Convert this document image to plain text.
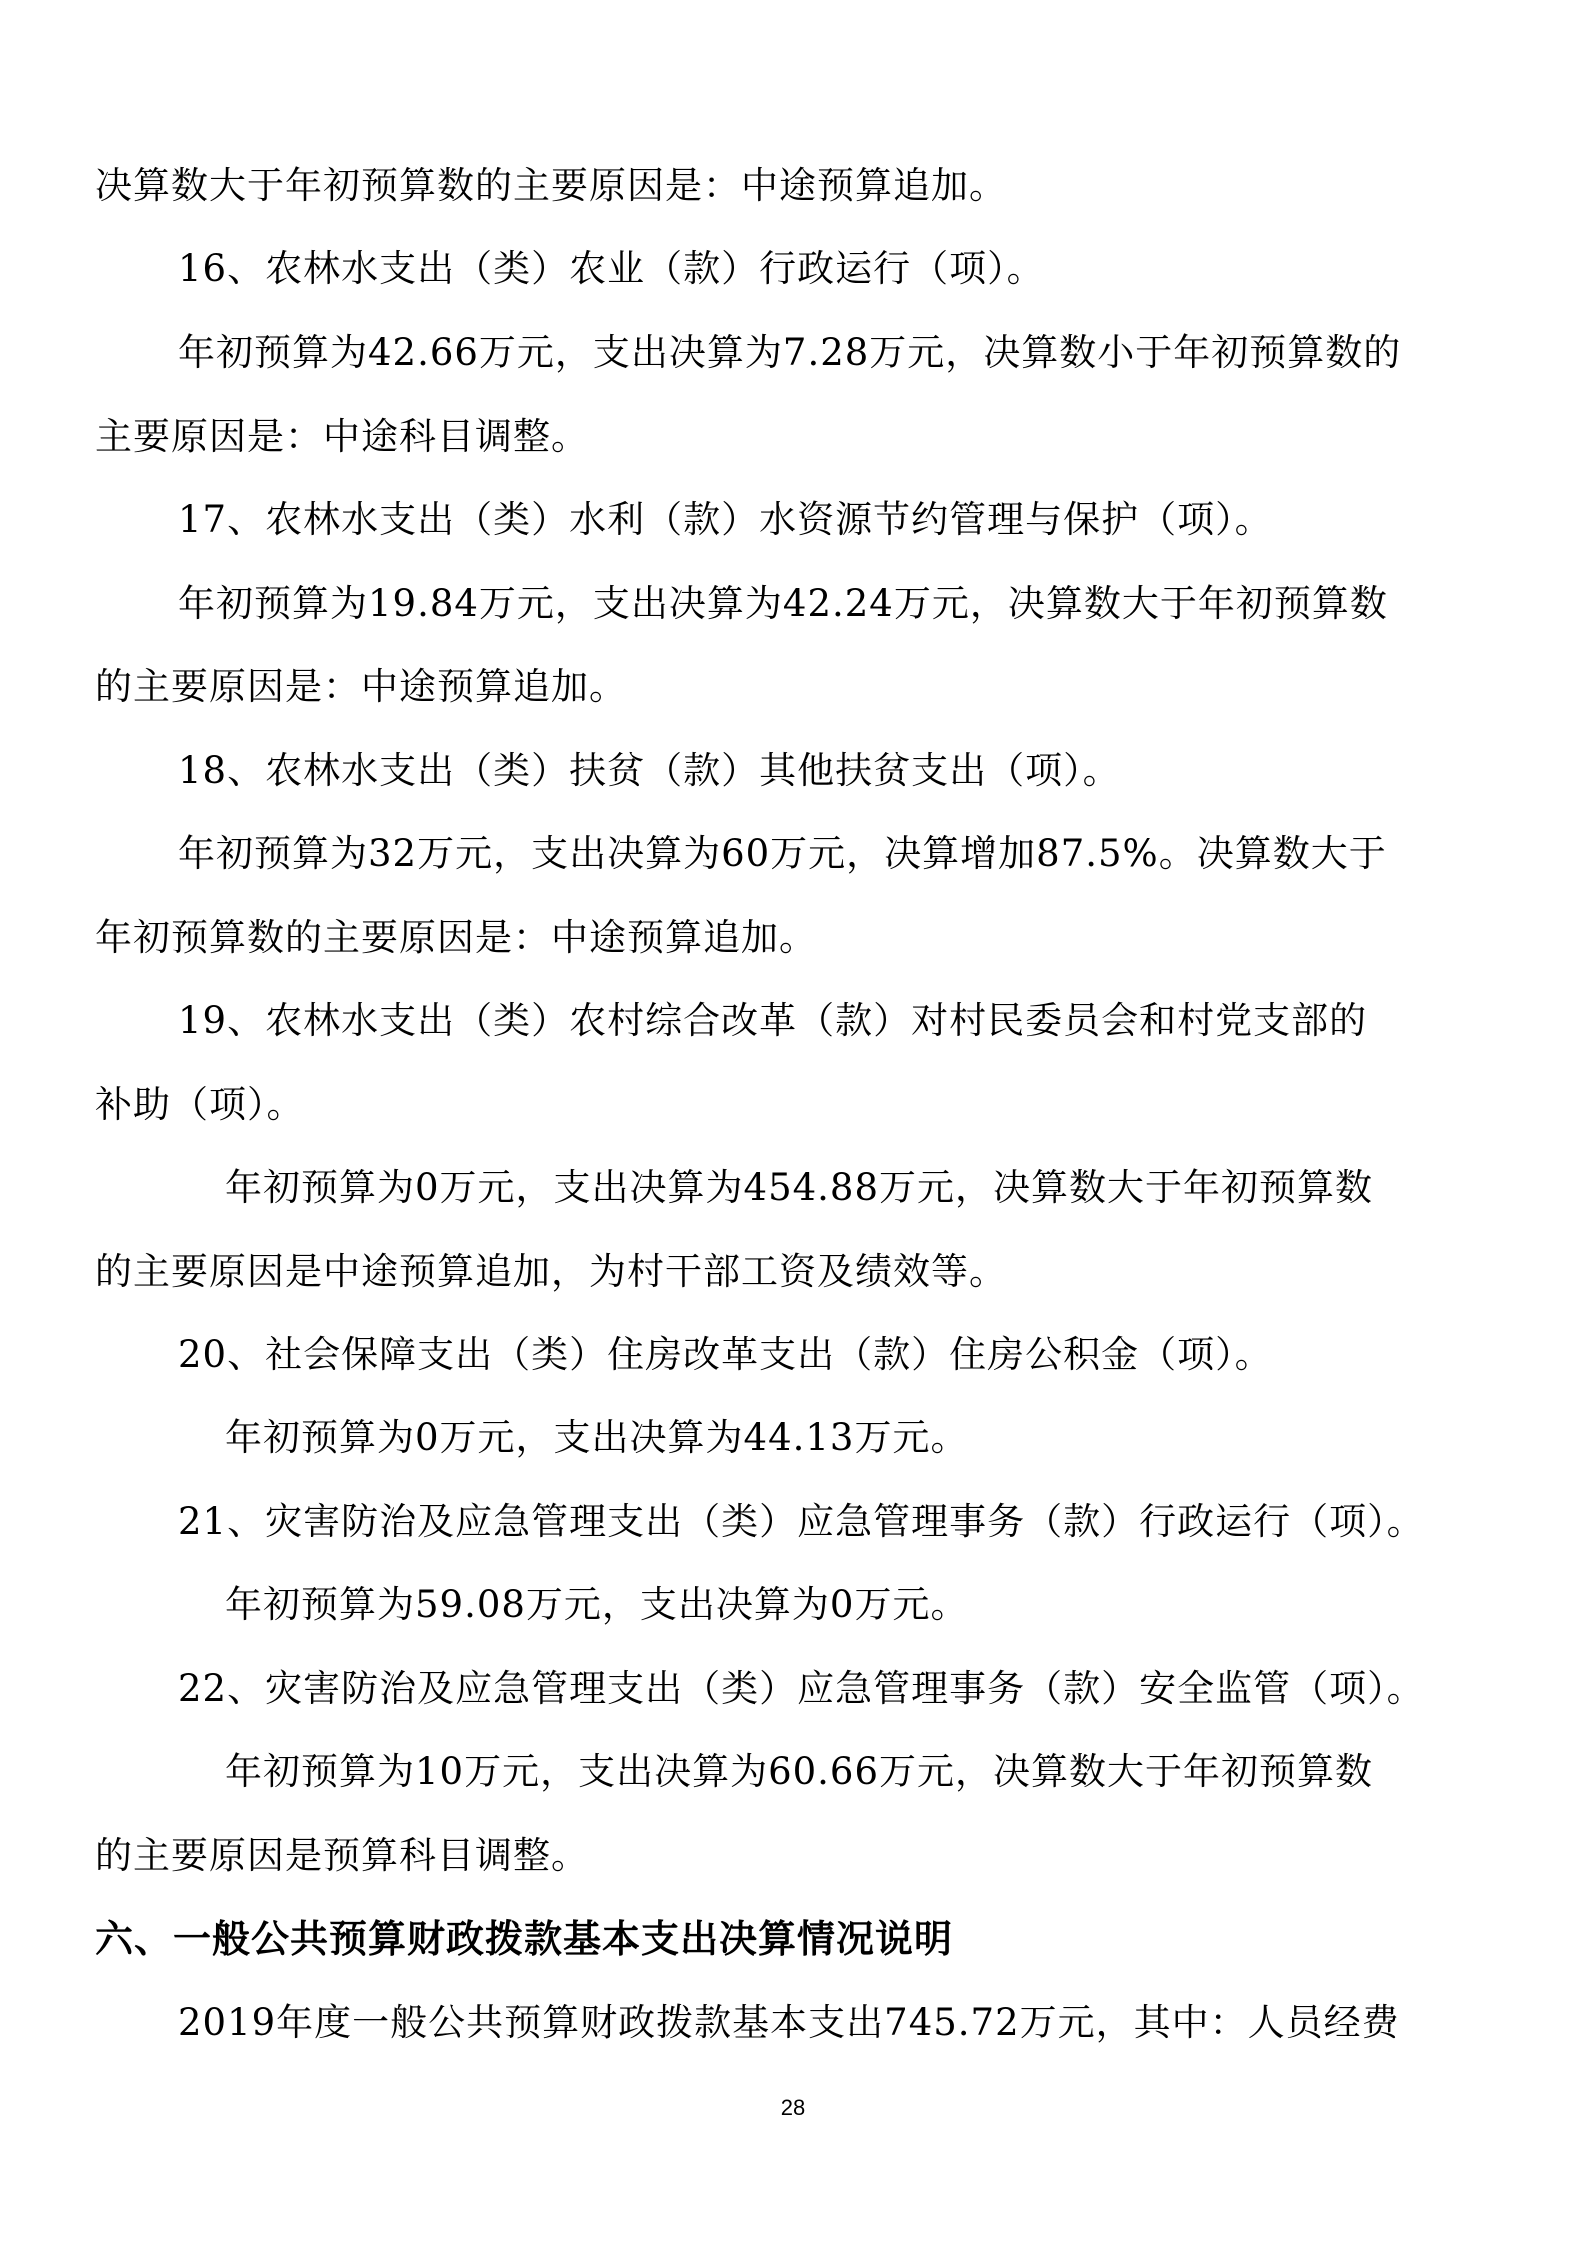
决算数大于年初预算数的主要原因是：中途预算追加。
16、农林水支出（类）农业（款）行政运行（项）。
年初预算为42.66万元，支出决算为7.28万元，决算数小于年初预算数的
主要原因是：中途科目调整。
17、农林水支出（类）水利（款）水资源节约管理与保护（项）。
年初预算为19.84万元，支出决算为42.24万元，决算数大于年初预算数
的主要原因是：中途预算追加。
18、农林水支出（类）扶贫（款）其他扶贫支出（项）。
年初预算为32万元，支出决算为60万元，决算增加87.5%。决算数大于
年初预算数的主要原因是：中途预算追加。
19、农林水支出（类）农村综合改革（款）对村民委员会和村党支部的
补助（项）。
年初预算为0万元，支出决算为454.88万元，决算数大于年初预算数
的主要原因是中途预算追加，为村干部工资及绩效等。
20、社会保障支出（类）住房改革支出（款）住房公积金（项）。
年初预算为0万元，支出决算为44.13万元。
21、灾害防治及应急管理支出（类）应急管理事务（款）行政运行（项）。
年初预算为59.08万元，支出决算为0万元。
22、灾害防治及应急管理支出（类）应急管理事务（款）安全监管（项）。
年初预算为10万元，支出决算为60.66万元，决算数大于年初预算数
的主要原因是预算科目调整。
六、一般公共预算财政拨款基本支出决算情况说明
2019年度一般公共预算财政拨款基本支出745.72万元，其中：人员经费
28
